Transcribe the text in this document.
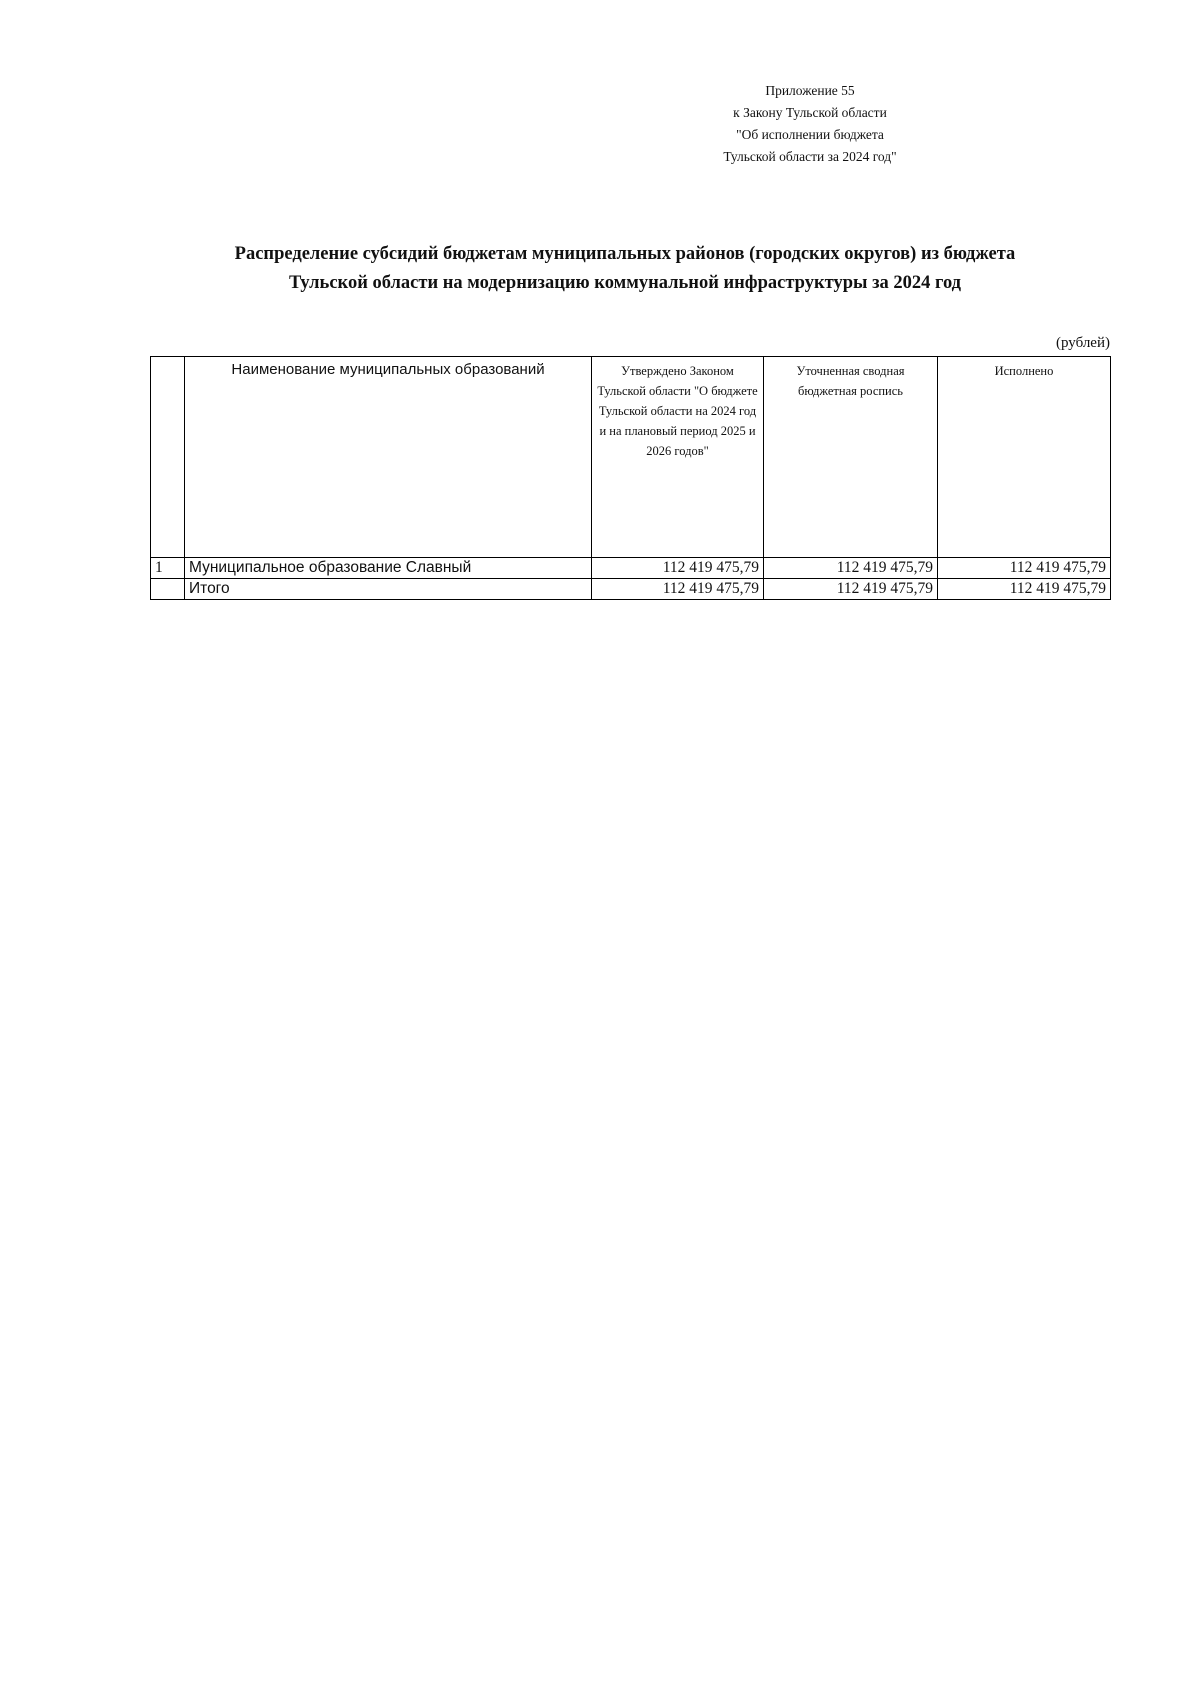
Приложение 55
к Закону Тульской области
"Об исполнении бюджета
Тульской области за 2024 год"
Распределение субсидий бюджетам муниципальных районов (городских округов) из бюджета
Тульской области на модернизацию коммунальной инфраструктуры за 2024 год
(рублей)
	Наименование муниципальных образований	Утверждено Законом Тульской области "О бюджете Тульской области на 2024 год и на плановый период 2025 и 2026 годов"	Уточненная сводная бюджетная роспись	Исполнено
1	Муниципальное образование Славный	112 419 475,79	112 419 475,79	112 419 475,79
	Итого	112 419 475,79	112 419 475,79	112 419 475,79
